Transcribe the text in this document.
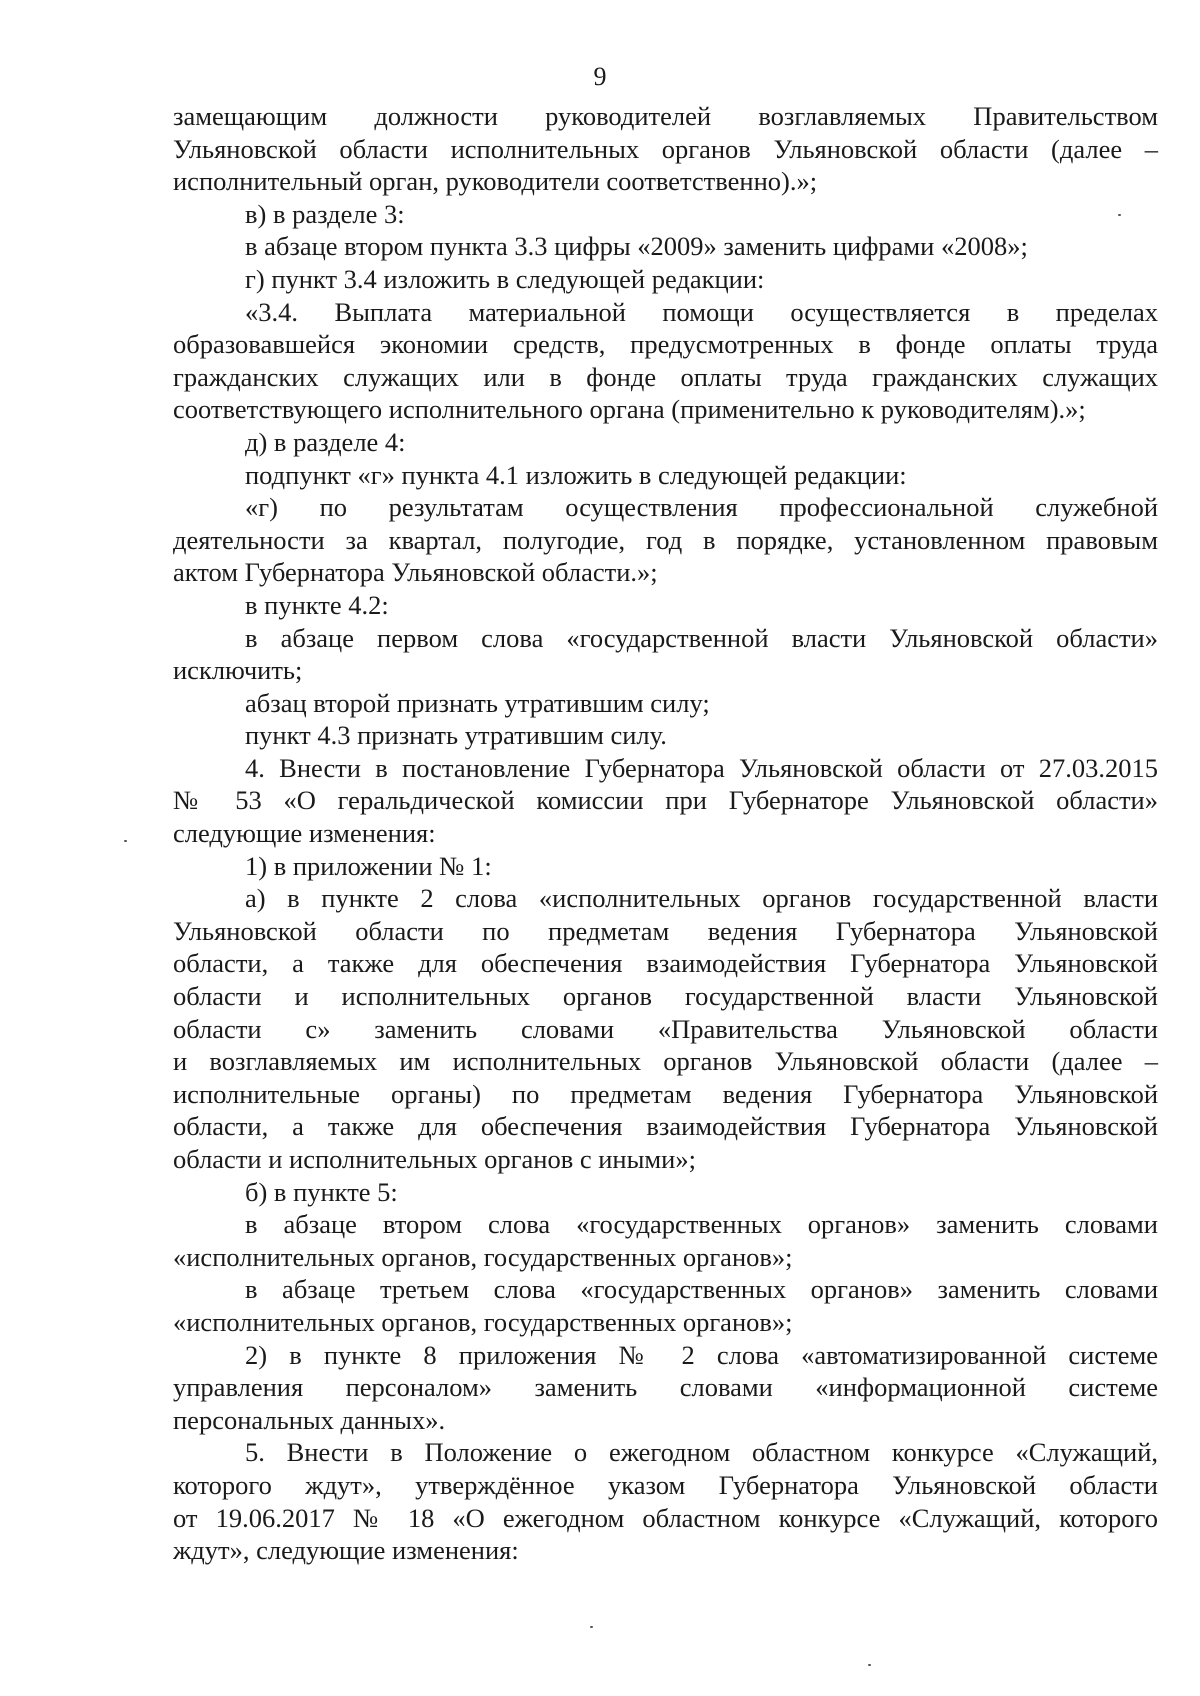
9

замещающим должности руководителей возглавляемых Правительством

Ульяновской области исполнительных органов Ульяновской области (далее –

исполнительный орган, руководители соответственно).»;

в) в разделе 3:

в абзаце втором пункта 3.3 цифры «2009» заменить цифрами «2008»;

г) пункт 3.4 изложить в следующей редакции:

«3.4. Выплата материальной помощи осуществляется в пределах

образовавшейся экономии средств, предусмотренных в фонде оплаты труда

гражданских служащих или в фонде оплаты труда гражданских служащих

соответствующего исполнительного органа (применительно к руководителям).»;

д) в разделе 4:

подпункт «г» пункта 4.1 изложить в следующей редакции:

«г) по результатам осуществления профессиональной служебной

деятельности за квартал, полугодие, год в порядке, установленном правовым

актом Губернатора Ульяновской области.»;

в пункте 4.2:

в абзаце первом слова «государственной власти Ульяновской области»

исключить;

абзац второй признать утратившим силу;

пункт 4.3 признать утратившим силу.

4. Внести в постановление Губернатора Ульяновской области от 27.03.2015

№ 53 «О геральдической комиссии при Губернаторе Ульяновской области»

следующие изменения:

1) в приложении № 1:

а) в пункте 2 слова «исполнительных органов государственной власти

Ульяновской области по предметам ведения Губернатора Ульяновской

области, а также для обеспечения взаимодействия Губернатора Ульяновской

области и исполнительных органов государственной власти Ульяновской

области с» заменить словами «Правительства Ульяновской области

и возглавляемых им исполнительных органов Ульяновской области (далее –

исполнительные органы) по предметам ведения Губернатора Ульяновской

области, а также для обеспечения взаимодействия Губернатора Ульяновской

области и исполнительных органов с иными»;

б) в пункте 5:

в абзаце втором слова «государственных органов» заменить словами

«исполнительных органов, государственных органов»;

в абзаце третьем слова «государственных органов» заменить словами

«исполнительных органов, государственных органов»;

2) в пункте 8 приложения № 2 слова «автоматизированной системе

управления персоналом» заменить словами «информационной системе

персональных данных».

5. Внести в Положение о ежегодном областном конкурсе «Служащий,

которого ждут», утверждённое указом Губернатора Ульяновской области

от 19.06.2017 № 18 «О ежегодном областном конкурсе «Служащий, которого

ждут», следующие изменения:
